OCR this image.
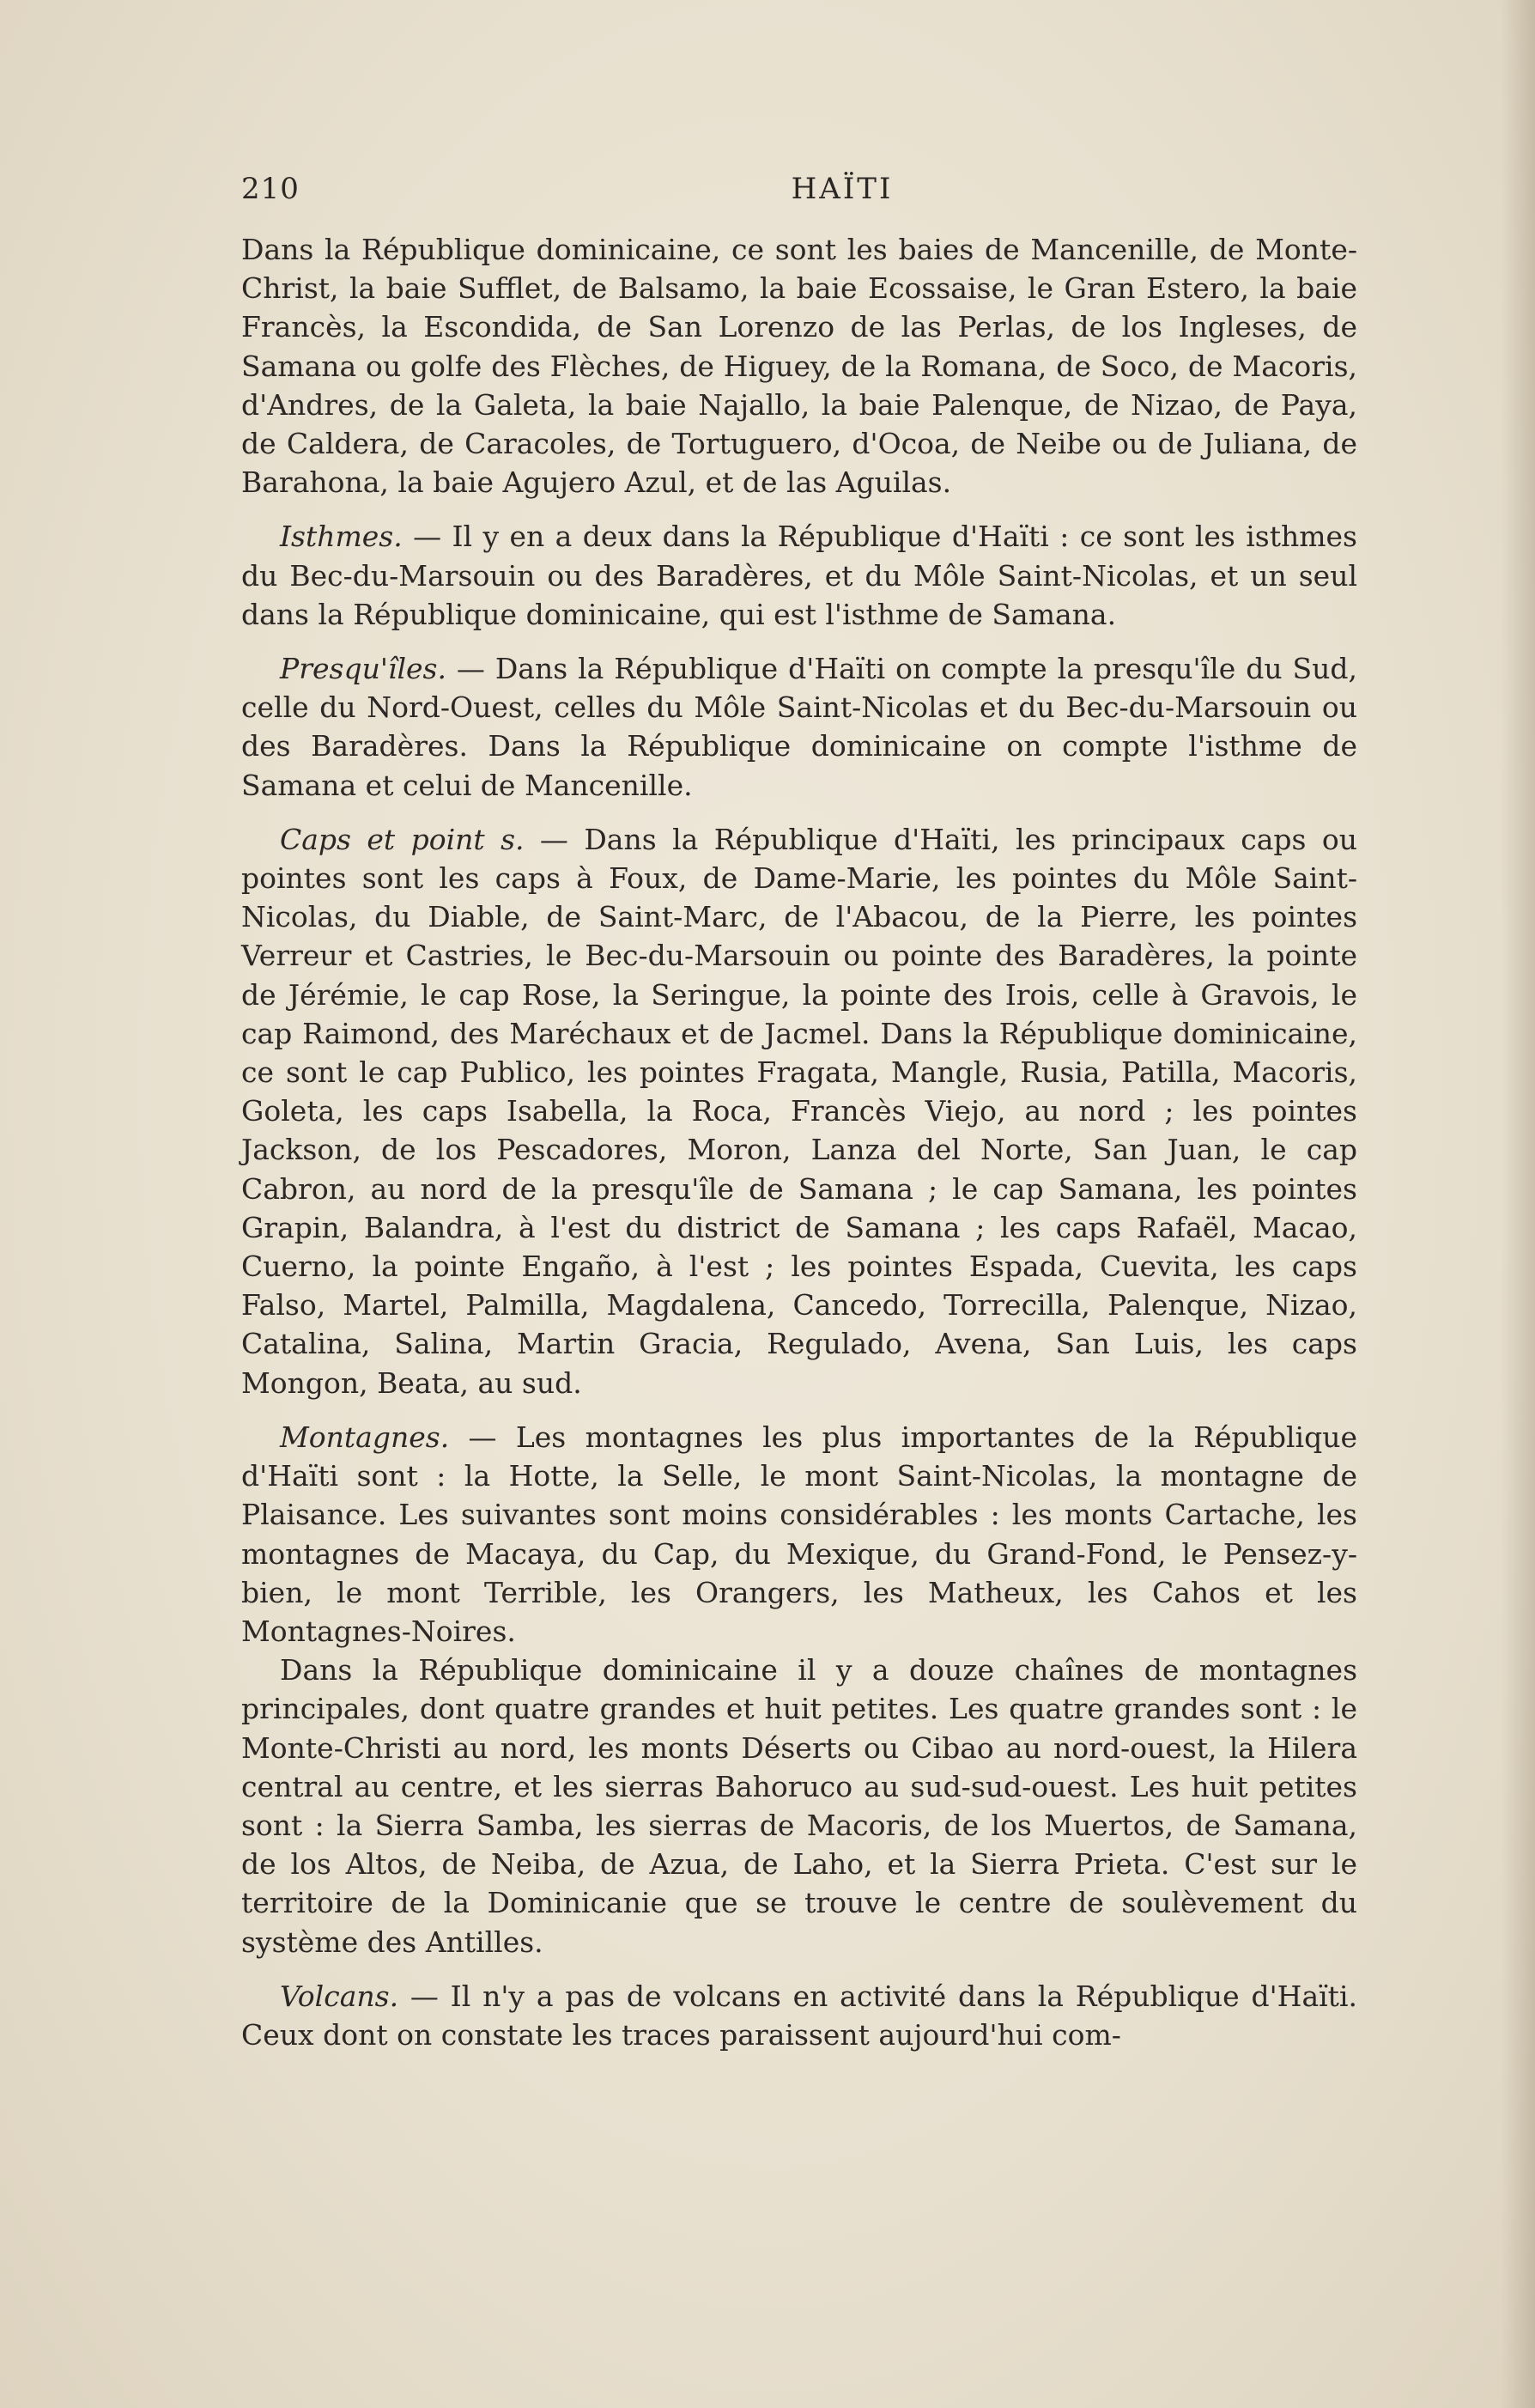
210	HAÏTI

Dans la République dominicaine, ce sont les baies de Mancenille, de Monte-Christ, la baie Sufflet, de Balsamo, la baie Ecossaise, le Gran Estero, la baie Francès, la Escondida, de San Lorenzo de las Perlas, de los Ingleses, de Samana ou golfe des Flèches, de Higuey, de la Romana, de Soco, de Macoris, d'Andres, de la Galeta, la baie Najallo, la baie Palenque, de Nizao, de Paya, de Caldera, de Caracoles, de Tortuguero, d'Ocoa, de Neibe ou de Juliana, de Barahona, la baie Agujero Azul, et de las Aguilas.

Isthmes. — Il y en a deux dans la République d'Haïti : ce sont les isthmes du Bec-du-Marsouin ou des Baradères, et du Môle Saint-Nicolas, et un seul dans la République dominicaine, qui est l'isthme de Samana.

Presqu'îles. — Dans la République d'Haïti on compte la presqu'île du Sud, celle du Nord-Ouest, celles du Môle Saint-Nicolas et du Bec-du-Marsouin ou des Baradères. Dans la République dominicaine on compte l'isthme de Samana et celui de Mancenille.

Caps et point s. — Dans la République d'Haïti, les principaux caps ou pointes sont les caps à Foux, de Dame-Marie, les pointes du Môle Saint-Nicolas, du Diable, de Saint-Marc, de l'Abacou, de la Pierre, les pointes Verreur et Castries, le Bec-du-Marsouin ou pointe des Baradères, la pointe de Jérémie, le cap Rose, la Seringue, la pointe des Irois, celle à Gravois, le cap Raimond, des Maréchaux et de Jacmel. Dans la République dominicaine, ce sont le cap Publico, les pointes Fragata, Mangle, Rusia, Patilla, Macoris, Goleta, les caps Isabella, la Roca, Francès Viejo, au nord ; les pointes Jackson, de los Pescadores, Moron, Lanza del Norte, San Juan, le cap Cabron, au nord de la presqu'île de Samana ; le cap Samana, les pointes Grapin, Balandra, à l'est du district de Samana ; les caps Rafaël, Macao, Cuerno, la pointe Engaño, à l'est ; les pointes Espada, Cuevita, les caps Falso, Martel, Palmilla, Magdalena, Cancedo, Torrecilla, Palenque, Nizao, Catalina, Salina, Martin Gracia, Regulado, Avena, San Luis, les caps Mongon, Beata, au sud.

Montagnes. — Les montagnes les plus importantes de la République d'Haïti sont : la Hotte, la Selle, le mont Saint-Nicolas, la montagne de Plaisance. Les suivantes sont moins considérables : les monts Cartache, les montagnes de Macaya, du Cap, du Mexique, du Grand-Fond, le Pensez-y-bien, le mont Terrible, les Orangers, les Matheux, les Cahos et les Montagnes-Noires.

Dans la République dominicaine il y a douze chaînes de montagnes principales, dont quatre grandes et huit petites. Les quatre grandes sont : le Monte-Christi au nord, les monts Déserts ou Cibao au nord-ouest, la Hilera central au centre, et les sierras Bahoruco au sud-sud-ouest. Les huit petites sont : la Sierra Samba, les sierras de Macoris, de los Muertos, de Samana, de los Altos, de Neiba, de Azua, de Laho, et la Sierra Prieta. C'est sur le territoire de la Dominicanie que se trouve le centre de soulèvement du système des Antilles.

Volcans. — Il n'y a pas de volcans en activité dans la République d'Haïti. Ceux dont on constate les traces paraissent aujourd'hui com-
